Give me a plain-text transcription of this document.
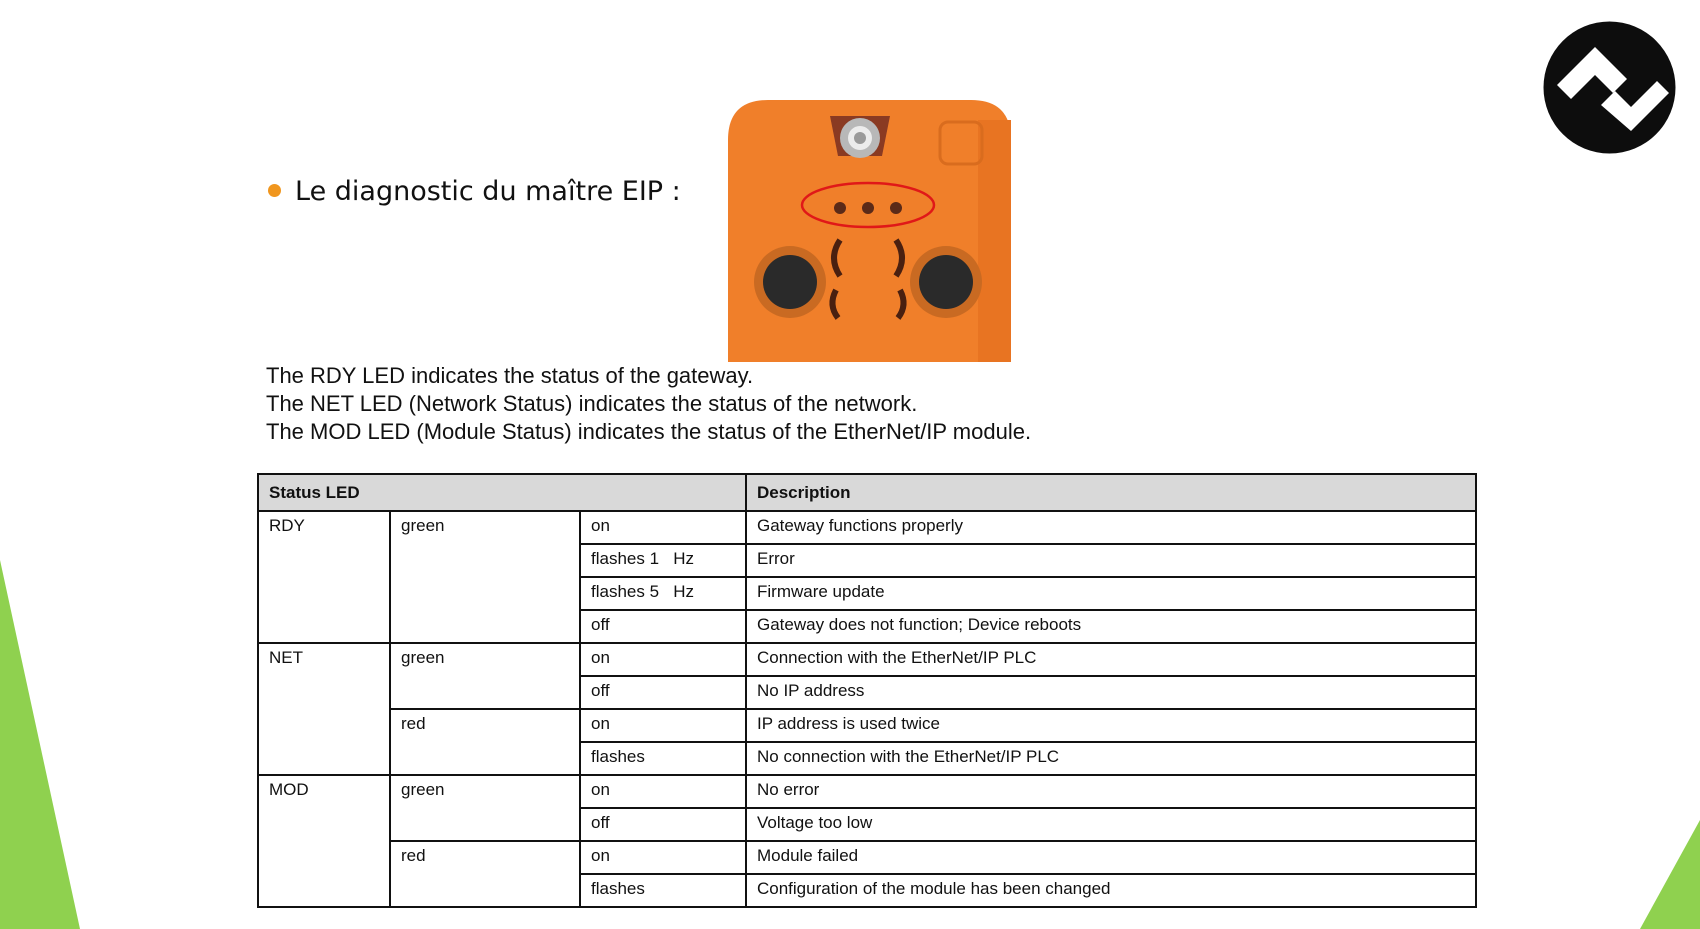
Le diagnostic du maître EIP :
The RDY LED indicates the status of the gateway.
The NET LED (Network Status) indicates the status of the network.
The MOD LED (Module Status) indicates the status of the EtherNet/IP module.
Status LED			Description
RDY	green	on	Gateway functions properly
		flashes 1   Hz	Error
		flashes 5   Hz	Firmware update
		off	Gateway does not function; Device reboots
NET	green	on	Connection with the EtherNet/IP PLC
		off	No IP address
	red	on	IP address is used twice
		flashes	No connection with the EtherNet/IP PLC
MOD	green	on	No error
		off	Voltage too low
	red	on	Module failed
		flashes	Configuration of the module has been changed
